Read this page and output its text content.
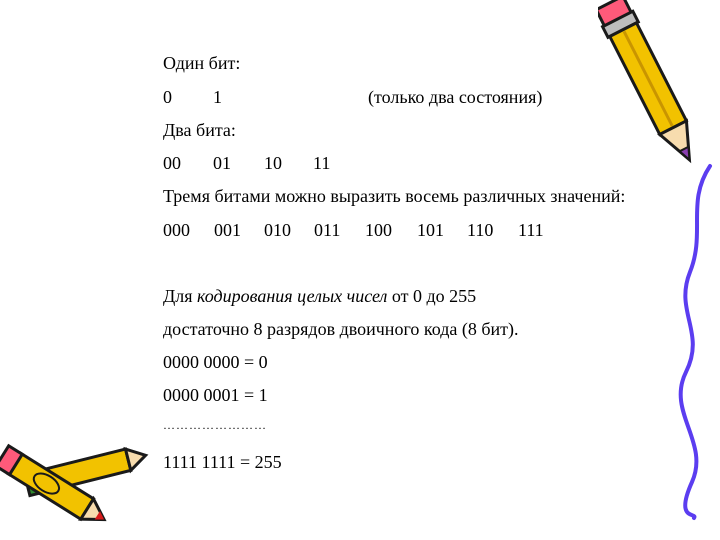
Один бит:
0 1	(только два состояния)
Два бита:
00 01 10 11
Тремя битами можно выразить восемь различных значений:
000 001 010 011 100 101 110 111
Для кодирования целых чисел от 0 до 255
достаточно 8 разрядов двоичного кода (8 бит).
0000 0000 = 0
0000 0001 = 1
……………………
1111 1111 = 255
